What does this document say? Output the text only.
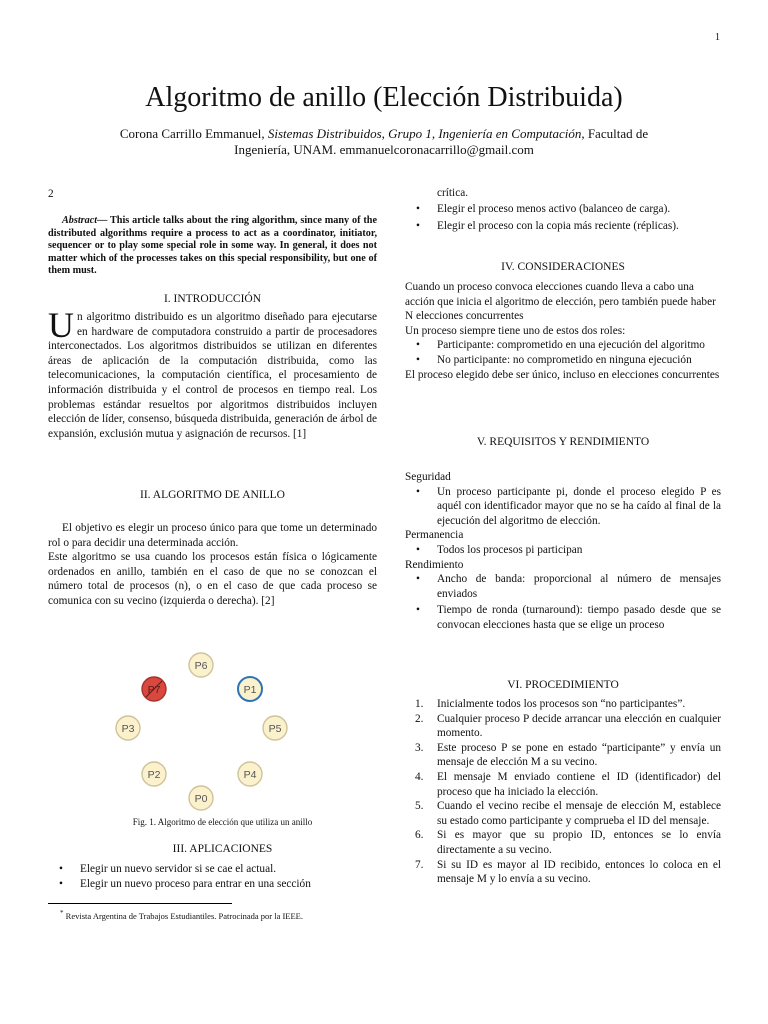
1
Algoritmo de anillo (Elección Distribuida)
Corona Carrillo Emmanuel, Sistemas Distribuidos, Grupo 1, Ingeniería en Computación, Facultad de Ingeniería, UNAM. emmanuelcoronacarrillo@gmail.com
2
Abstract— This article talks about the ring algorithm, since many of the distributed algorithms require a process to act as a coordinator, initiator, sequencer or to play some special role in some way. In general, it does not matter which of the processes takes on this special responsibility, but one of them must.
I. INTRODUCCIÓN
Un algoritmo distribuido es un algoritmo diseñado para ejecutarse en hardware de computadora construido a partir de procesadores interconectados. Los algoritmos distribuidos se utilizan en diferentes áreas de aplicación de la computación distribuida, como las telecomunicaciones, la computación científica, el procesamiento de información distribuida y el control de procesos en tiempo real. Los problemas estándar resueltos por algoritmos distribuidos incluyen elección de líder, consenso, búsqueda distribuida, generación de árbol de expansión, exclusión mutua y asignación de recursos. [1]
II. ALGORITMO DE ANILLO
El objetivo es elegir un proceso único para que tome un determinado rol o para decidir una determinada acción.
Este algoritmo se usa cuando los procesos están física o lógicamente ordenados en anillo, también en el caso de que no se conozcan el número total de procesos (n), o en el caso de que cada proceso se comunica con su vecino (izquierda o derecha). [2]
P6
P7	P1
P3	P5
P2	P4
P0
Fig. 1. Algoritmo de elección que utiliza un anillo
III. APLICACIONES
• Elegir un nuevo servidor si se cae el actual.
• Elegir un nuevo proceso para entrar en una sección
* Revista Argentina de Trabajos Estudiantiles. Patrocinada por la IEEE.
crítica.
• Elegir el proceso menos activo (balanceo de carga).
• Elegir el proceso con la copia más reciente (réplicas).
IV. CONSIDERACIONES
Cuando un proceso convoca elecciones cuando lleva a cabo una acción que inicia el algoritmo de elección, pero también puede haber N elecciones concurrentes
Un proceso siempre tiene uno de estos dos roles:
• Participante: comprometido en una ejecución del algoritmo
• No participante: no comprometido en ninguna ejecución
El proceso elegido debe ser único, incluso en elecciones concurrentes
V. REQUISITOS Y RENDIMIENTO
Seguridad
• Un proceso participante pi, donde el proceso elegido P es aquél con identificador mayor que no se ha caído al final de la ejecución del algoritmo de elección.
Permanencia
• Todos los procesos pi participan
Rendimiento
• Ancho de banda: proporcional al número de mensajes enviados
• Tiempo de ronda (turnaround): tiempo pasado desde que se convocan elecciones hasta que se elige un proceso
VI. PROCEDIMIENTO
1. Inicialmente todos los procesos son “no participantes”.
2. Cualquier proceso P decide arrancar una elección en cualquier momento.
3. Este proceso P se pone en estado “participante” y envía un mensaje de elección M a su vecino.
4. El mensaje M enviado contiene el ID (identificador) del proceso que ha iniciado la elección.
5. Cuando el vecino recibe el mensaje de elección M, establece su estado como participante y comprueba el ID del mensaje.
6. Si es mayor que su propio ID, entonces se lo envía directamente a su vecino.
7. Si su ID es mayor al ID recibido, entonces lo coloca en el mensaje M y lo envía a su vecino.
